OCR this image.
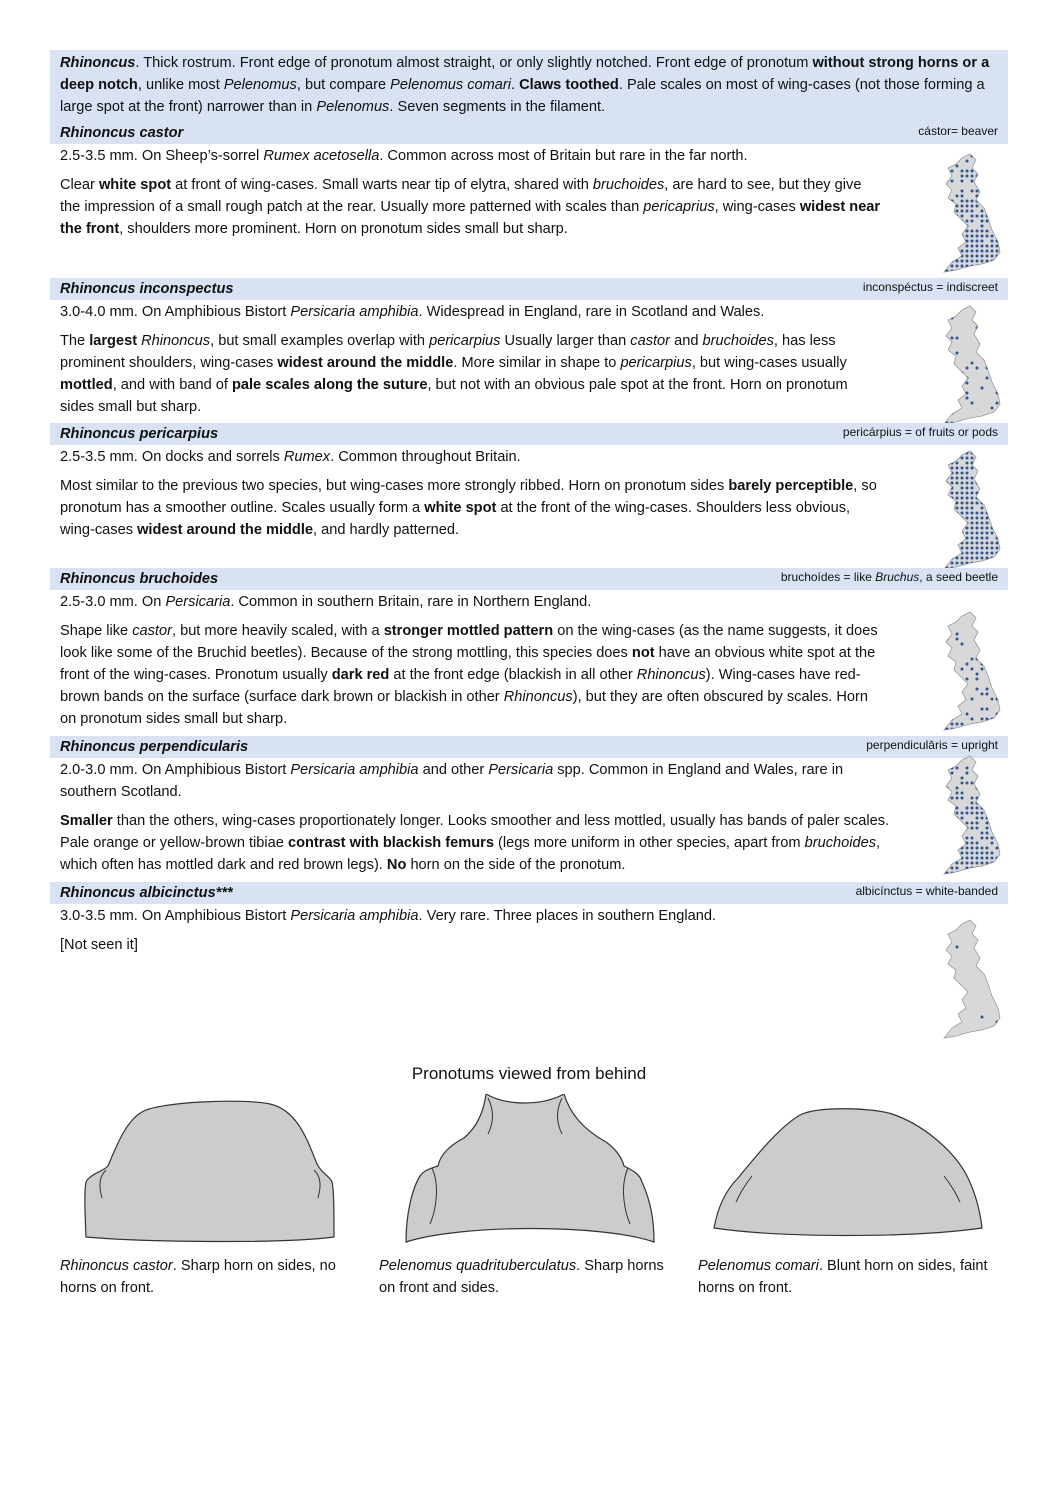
Rhinoncus. Thick rostrum. Front edge of pronotum almost straight, or only slightly notched. Front edge of pronotum without strong horns or a deep notch, unlike most Pelenomus, but compare Pelenomus comari. Claws toothed. Pale scales on most of wing-cases (not those forming a large spot at the front) narrower than in Pelenomus. Seven segments in the filament.
Rhinoncus castor	cástor= beaver

2.5-3.5 mm. On Sheep’s-sorrel Rumex acetosella. Common across most of Britain but rare in the far north.

Clear white spot at front of wing-cases. Small warts near tip of elytra, shared with bruchoides, are hard to see, but they give the impression of a small rough patch at the rear. Usually more patterned with scales than pericaprius, wing-cases widest near the front, shoulders more prominent. Horn on pronotum sides small but sharp.

Rhinoncus inconspectus	inconspéctus = indiscreet

3.0-4.0 mm. On Amphibious Bistort Persicaria amphibia. Widespread in England, rare in Scotland and Wales.

The largest Rhinoncus, but small examples overlap with pericarpius Usually larger than castor and bruchoides, has less prominent shoulders, wing-cases widest around the middle. More similar in shape to pericarpius, but wing-cases usually mottled, and with band of pale scales along the suture, but not with an obvious pale spot at the front. Horn on pronotum sides small but sharp.

Rhinoncus pericarpius	pericárpius = of fruits or pods

2.5-3.5 mm. On docks and sorrels Rumex. Common throughout Britain.

Most similar to the previous two species, but wing-cases more strongly ribbed. Horn on pronotum sides barely perceptible, so pronotum has a smoother outline. Scales usually form a white spot at the front of the wing-cases. Shoulders less obvious, wing-cases widest around the middle, and hardly patterned.

Rhinoncus bruchoides	bruchoídes = like Bruchus, a seed beetle

2.5-3.0 mm. On Persicaria. Common in southern Britain, rare in Northern England.

Shape like castor, but more heavily scaled, with a stronger mottled pattern on the wing-cases (as the name suggests, it does look like some of the Bruchid beetles). Because of the strong mottling, this species does not have an obvious white spot at the front of the wing-cases. Pronotum usually dark red at the front edge (blackish in all other Rhinoncus). Wing-cases have red-brown bands on the surface (surface dark brown or blackish in other Rhinoncus), but they are often obscured by scales. Horn on pronotum sides small but sharp.

Rhinoncus perpendicularis	perpendiculāris = upright

2.0-3.0 mm. On Amphibious Bistort Persicaria amphibia and other Persicaria spp. Common in England and Wales, rare in southern Scotland.

Smaller than the others, wing-cases proportionately longer. Looks smoother and less mottled, usually has bands of paler scales. Pale orange or yellow-brown tibiae contrast with blackish femurs (legs more uniform in other species, apart from bruchoides, which often has mottled dark and red brown legs). No horn on the side of the pronotum.

Rhinoncus albicinctus***	albicínctus = white-banded

3.0-3.5 mm. On Amphibious Bistort Persicaria amphibia. Very rare. Three places in southern England.

[Not seen it]

Pronotums viewed from behind
Rhinoncus castor. Sharp horn on sides, no horns on front.
Pelenomus quadrituberculatus. Sharp horns on front and sides.
Pelenomus comari. Blunt horn on sides, faint horns on front.
